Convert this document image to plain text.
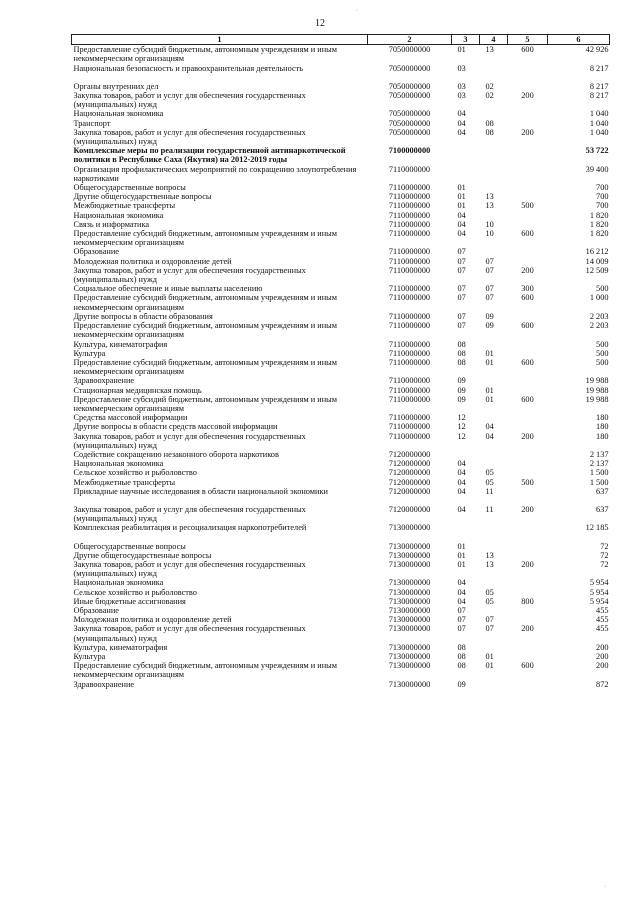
12
1	2	3	4	5	6
Предоставление субсидий бюджетным, автономным учреждениям и иным некоммерческим организациям	7050000000	01	13	600	42 926
Национальная безопасность и правоохранительная деятельность	7050000000	03			8 217

Органы внутренних дел	7050000000	03	02		8 217
Закупка товаров, работ и услуг для обеспечения государственных (муниципальных) нужд	7050000000	03	02	200	8 217
Национальная экономика	7050000000	04			1 040
Транспорт	7050000000	04	08		1 040
Закупка товаров, работ и услуг для обеспечения государственных (муниципальных) нужд	7050000000	04	08	200	1 040
Комплексные меры по реализации государственной антинаркотической политики в Республике Саха (Якутия) на 2012-2019 годы	7100000000				53 722
Организация профилактических мероприятий по сокращению злоупотребления наркотиками	7110000000				39 400
Общегосударственные вопросы	7110000000	01			700
Другие общегосударственные вопросы	7110000000	01	13		700
Межбюджетные трансферты	7110000000	01	13	500	700
Национальная экономика	7110000000	04			1 820
Связь и информатика	7110000000	04	10		1 820
Предоставление субсидий бюджетным, автономным учреждениям и иным некоммерческим организациям	7110000000	04	10	600	1 820
Образование	7110000000	07			16 212
Молодежная политика и оздоровление детей	7110000000	07	07		14 009
Закупка товаров, работ и услуг для обеспечения государственных (муниципальных) нужд	7110000000	07	07	200	12 509
Социальное обеспечение и иные выплаты населению	7110000000	07	07	300	500
Предоставление субсидий бюджетным, автономным учреждениям и иным некоммерческим организациям	7110000000	07	07	600	1 000
Другие вопросы в области образования	7110000000	07	09		2 203
Предоставление субсидий бюджетным, автономным учреждениям и иным некоммерческим организациям	7110000000	07	09	600	2 203
Культура, кинематография	7110000000	08			500
Культура	7110000000	08	01		500
Предоставление субсидий бюджетным, автономным учреждениям и иным некоммерческим организациям	7110000000	08	01	600	500
Здравоохранение	7110000000	09			19 988
Стационарная медицинская помощь	7110000000	09	01		19 988
Предоставление субсидий бюджетным, автономным учреждениям и иным некоммерческим организациям	7110000000	09	01	600	19 988
Средства массовой информации	7110000000	12			180
Другие вопросы в области средств массовой информации	7110000000	12	04		180
Закупка товаров, работ и услуг для обеспечения государственных (муниципальных) нужд	7110000000	12	04	200	180
Содействие сокращению незаконного оборота наркотиков	7120000000				2 137
Национальная экономика	7120000000	04			2 137
Сельское хозяйство и рыболовство	7120000000	04	05		1 500
Межбюджетные трансферты	7120000000	04	05	500	1 500
Прикладные научные исследования в области национальной экономики	7120000000	04	11		637

Закупка товаров, работ и услуг для обеспечения государственных (муниципальных) нужд	7120000000	04	11	200	637
Комплексная реабилитация и ресоциализация наркопотребителей	7130000000				12 185

Общегосударственные вопросы	7130000000	01			72
Другие общегосударственные вопросы	7130000000	01	13		72
Закупка товаров, работ и услуг для обеспечения государственных (муниципальных) нужд	7130000000	01	13	200	72
Национальная экономика	7130000000	04			5 954
Сельское хозяйство и рыболовство	7130000000	04	05		5 954
Иные бюджетные ассигнования	7130000000	04	05	800	5 954
Образование	7130000000	07			455
Молодежная политика и оздоровление детей	7130000000	07	07		455
Закупка товаров, работ и услуг для обеспечения государственных (муниципальных) нужд	7130000000	07	07	200	455
Культура, кинематография	7130000000	08			200
Культура	7130000000	08	01		200
Предоставление субсидий бюджетным, автономным учреждениям и иным некоммерческим организациям	7130000000	08	01	600	200
Здравоохранение	7130000000	09			872
·
·
